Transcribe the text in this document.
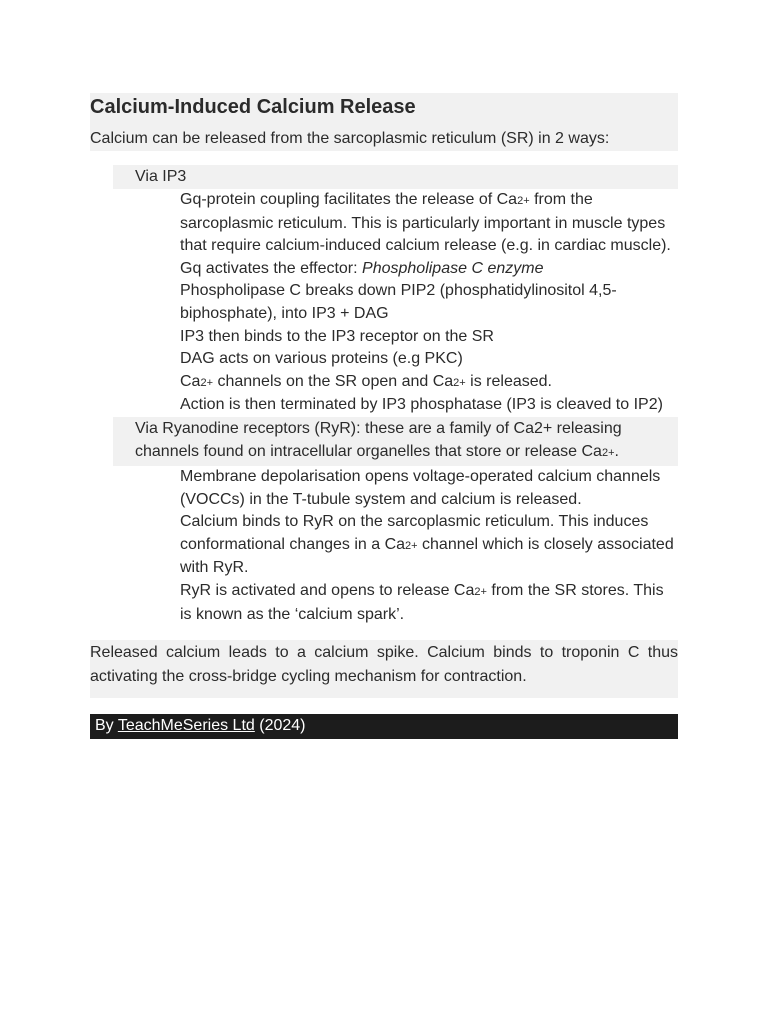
Calcium-Induced Calcium Release

Calcium can be released from the sarcoplasmic reticulum (SR) in 2 ways:

Via IP3
Gq-protein coupling facilitates the release of Ca2+ from the sarcoplasmic reticulum. This is particularly important in muscle types that require calcium-induced calcium release (e.g. in cardiac muscle).
Gq activates the effector: Phospholipase C enzyme
Phospholipase C breaks down PIP2 (phosphatidylinositol 4,5-biphosphate), into IP3 + DAG
IP3 then binds to the IP3 receptor on the SR
DAG acts on various proteins (e.g PKC)
Ca2+ channels on the SR open and Ca2+ is released.
Action is then terminated by IP3 phosphatase (IP3 is cleaved to IP2)
Via Ryanodine receptors (RyR): these are a family of Ca2+ releasing channels found on intracellular organelles that store or release Ca2+.
Membrane depolarisation opens voltage-operated calcium channels (VOCCs) in the T-tubule system and calcium is released.
Calcium binds to RyR on the sarcoplasmic reticulum. This induces conformational changes in a Ca2+ channel which is closely associated with RyR.
RyR is activated and opens to release Ca2+ from the SR stores. This is known as the ‘calcium spark’.

Released calcium leads to a calcium spike. Calcium binds to troponin C thus activating the cross-bridge cycling mechanism for contraction.

By TeachMeSeries Ltd (2024)
